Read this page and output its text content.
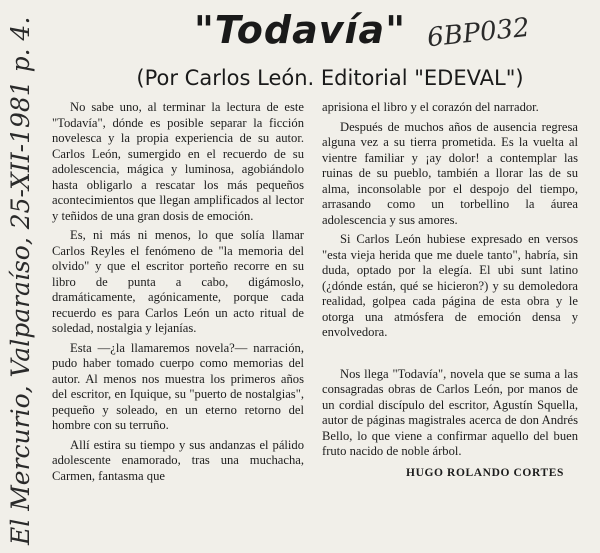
"Todavía" 6BP032
(Por Carlos León. Editorial "EDEVAL")
El Mercurio, Valparaíso, 25-XII-1981 p. 4.	No sabe uno, al terminar la lectura de este "Todavía", dónde es posible separar la ficción novelesca y la propia experiencia de su autor. Carlos León, sumergido en el recuerdo de su adolescencia, mágica y luminosa, agobiándolo hasta obligarlo a rescatar los más pequeños acontecimientos que llegan amplificados al lector y teñidos de una gran dosis de emoción.

Es, ni más ni menos, lo que solía llamar Carlos Reyles el fenómeno de "la memoria del olvido" y que el escritor porteño recorre en su libro de punta a cabo, digámoslo, dramáticamente, agónicamente, porque cada recuerdo es para Carlos León un acto ritual de soledad, nostalgia y lejanías.

Esta —¿la llamaremos novela?— narración, pudo haber tomado cuerpo como memorias del autor. Al menos nos muestra los primeros años del escritor, en Iquique, su "puerto de nostalgias", pequeño y soleado, en un eterno retorno del hombre con su terruño.

Allí estira su tiempo y sus andanzas el pálido adolescente enamorado, tras una muchacha, Carmen, fantasma que

aprisiona el libro y el corazón del narrador.

Después de muchos años de ausencia regresa alguna vez a su tierra prometida. Es la vuelta al vientre familiar y ¡ay dolor! a contemplar las ruinas de su pueblo, también a llorar las de su alma, inconsolable por el despojo del tiempo, arrasando como un torbellino la áurea adolescencia y sus amores.

Si Carlos León hubiese expresado en versos "esta vieja herida que me duele tanto", habría, sin duda, optado por la elegía. El ubi sunt latino (¿dónde están, qué se hicieron?) y su demoledora realidad, golpea cada página de esta obra y le otorga una atmósfera de emoción densa y envolvedora.

Nos llega "Todavía", novela que se suma a las consagradas obras de Carlos León, por manos de un cordial discípulo del escritor, Agustín Squella, autor de páginas magistrales acerca de don Andrés Bello, lo que viene a confirmar aquello del buen fruto nacido de noble árbol.

HUGO ROLANDO CORTES
